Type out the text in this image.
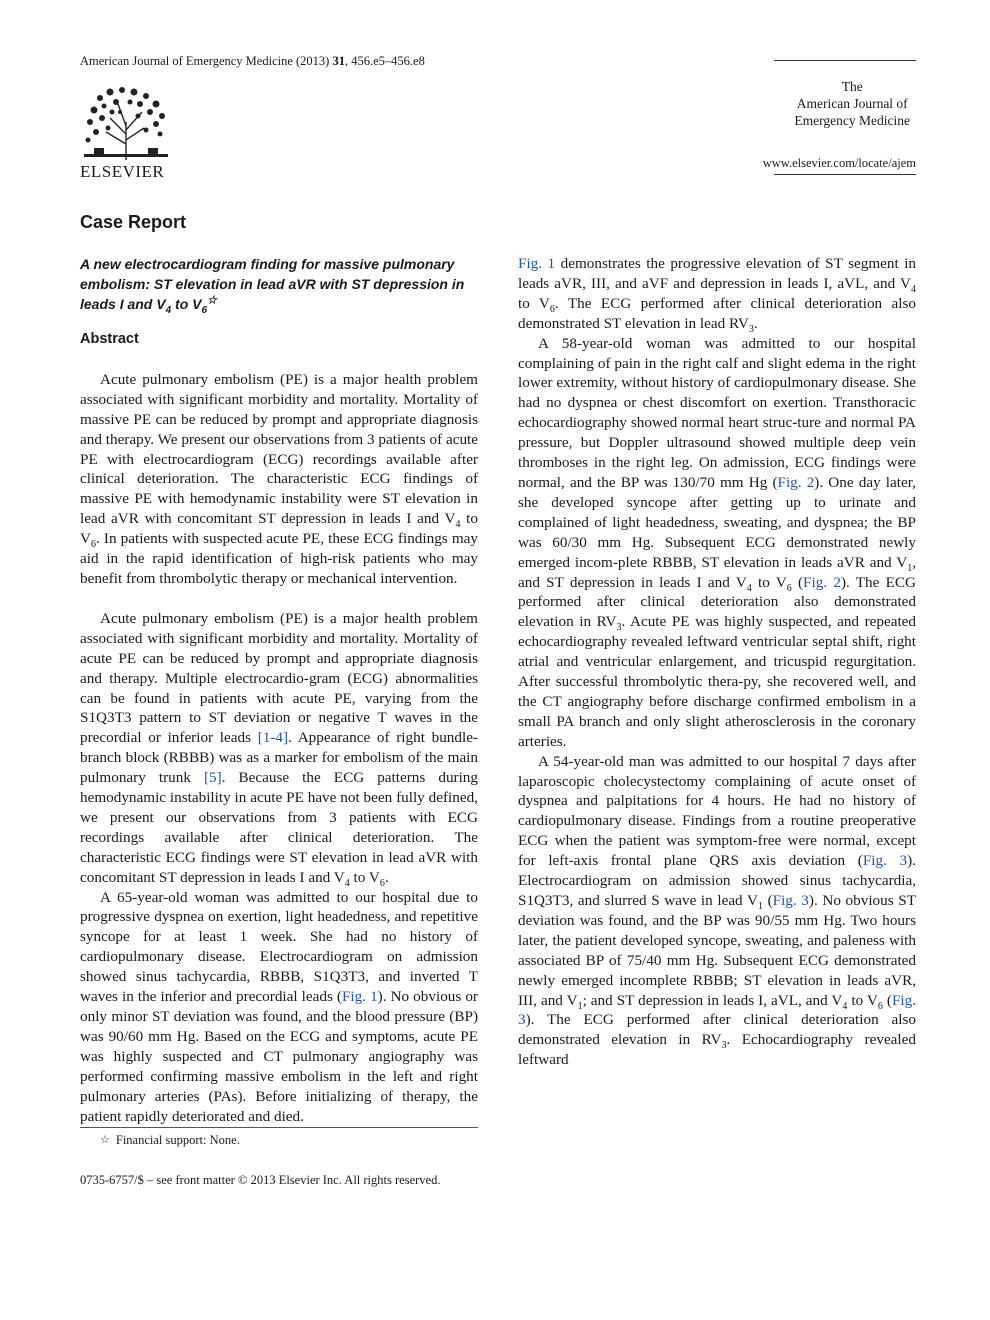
American Journal of Emergency Medicine (2013) 31, 456.e5–456.e8
ELSEVIER
The
American Journal of
Emergency Medicine
www.elsevier.com/locate/ajem
Case Report
A new electrocardiogram finding for massive pulmonary embolism: ST elevation in lead aVR with ST depression in leads I and $V_4$ to $V_6^☆$
Abstract

Acute pulmonary embolism (PE) is a major health problem associated with significant morbidity and mortality. Mortality of massive PE can be reduced by prompt and appropriate diagnosis and therapy. We present our observations from 3 patients of acute PE with electrocardiogram (ECG) recordings available after clinical deterioration. The characteristic ECG findings of massive PE with hemodynamic instability were ST elevation in lead aVR with concomitant ST depression in leads I and $V_4$ to $V_6$. In patients with suspected acute PE, these ECG findings may aid in the rapid identification of high-risk patients who may benefit from thrombolytic therapy or mechanical intervention.

Acute pulmonary embolism (PE) is a major health problem associated with significant morbidity and mortality. Mortality of acute PE can be reduced by prompt and appropriate diagnosis and therapy. Multiple electrocardio-gram (ECG) abnormalities can be found in patients with acute PE, varying from the S1Q3T3 pattern to ST deviation or negative T waves in the precordial or inferior leads [1-4]. Appearance of right bundle-branch block (RBBB) was as a marker for embolism of the main pulmonary trunk [5]. Because the ECG patterns during hemodynamic instability in acute PE have not been fully defined, we present our observations from 3 patients with ECG recordings available after clinical deterioration. The characteristic ECG findings were ST elevation in lead aVR with concomitant ST depression in leads I and $V_4$ to $V_6$.

A 65-year-old woman was admitted to our hospital due to progressive dyspnea on exertion, light headedness, and repetitive syncope for at least 1 week. She had no history of cardiopulmonary disease. Electrocardiogram on admission showed sinus tachycardia, RBBB, S1Q3T3, and inverted T waves in the inferior and precordial leads (Fig. 1). No obvious or only minor ST deviation was found, and the blood pressure (BP) was 90/60 mm Hg. Based on the ECG and symptoms, acute PE was highly suspected and CT pulmonary angiography was performed confirming massive embolism in the left and right pulmonary arteries (PAs). Before initializing of therapy, the patient rapidly deteriorated and died.

Fig. 1 demonstrates the progressive elevation of ST segment in leads aVR, III, and aVF and depression in leads I, aVL, and $V_4$ to $V_6$. The ECG performed after clinical deterioration also demonstrated ST elevation in lead $RV_3$.

A 58-year-old woman was admitted to our hospital complaining of pain in the right calf and slight edema in the right lower extremity, without history of cardiopulmonary disease. She had no dyspnea or chest discomfort on exertion. Transthoracic echocardiography showed normal heart struc-ture and normal PA pressure, but Doppler ultrasound showed multiple deep vein thromboses in the right leg. On admission, ECG findings were normal, and the BP was 130/70 mm Hg (Fig. 2). One day later, she developed syncope after getting up to urinate and complained of light headedness, sweating, and dyspnea; the BP was 60/30 mm Hg. Subsequent ECG demonstrated newly emerged incom-plete RBBB, ST elevation in leads aVR and $V_1$, and ST depression in leads I and $V_4$ to $V_6$ (Fig. 2). The ECG performed after clinical deterioration also demonstrated elevation in $RV_3$. Acute PE was highly suspected, and repeated echocardiography revealed leftward ventricular septal shift, right atrial and ventricular enlargement, and tricuspid regurgitation. After successful thrombolytic thera-py, she recovered well, and the CT angiography before discharge confirmed embolism in a small PA branch and only slight atherosclerosis in the coronary arteries.

A 54-year-old man was admitted to our hospital 7 days after laparoscopic cholecystectomy complaining of acute onset of dyspnea and palpitations for 4 hours. He had no history of cardiopulmonary disease. Findings from a routine preoperative ECG when the patient was symptom-free were normal, except for left-axis frontal plane QRS axis deviation (Fig. 3). Electrocardiogram on admission showed sinus tachycardia, S1Q3T3, and slurred S wave in lead $V_1$ (Fig. 3). No obvious ST deviation was found, and the BP was 90/55 mm Hg. Two hours later, the patient developed syncope, sweating, and paleness with associated BP of 75/40 mm Hg. Subsequent ECG demonstrated newly emerged incomplete RBBB; ST elevation in leads aVR, III, and $V_1$; and ST depression in leads I, aVL, and $V_4$ to $V_6$ (Fig. 3). The ECG performed after clinical deterioration also demonstrated elevation in $RV_3$. Echocardiography revealed leftward

☆ Financial support: None.
0735-6757/$ – see front matter © 2013 Elsevier Inc. All rights reserved.
